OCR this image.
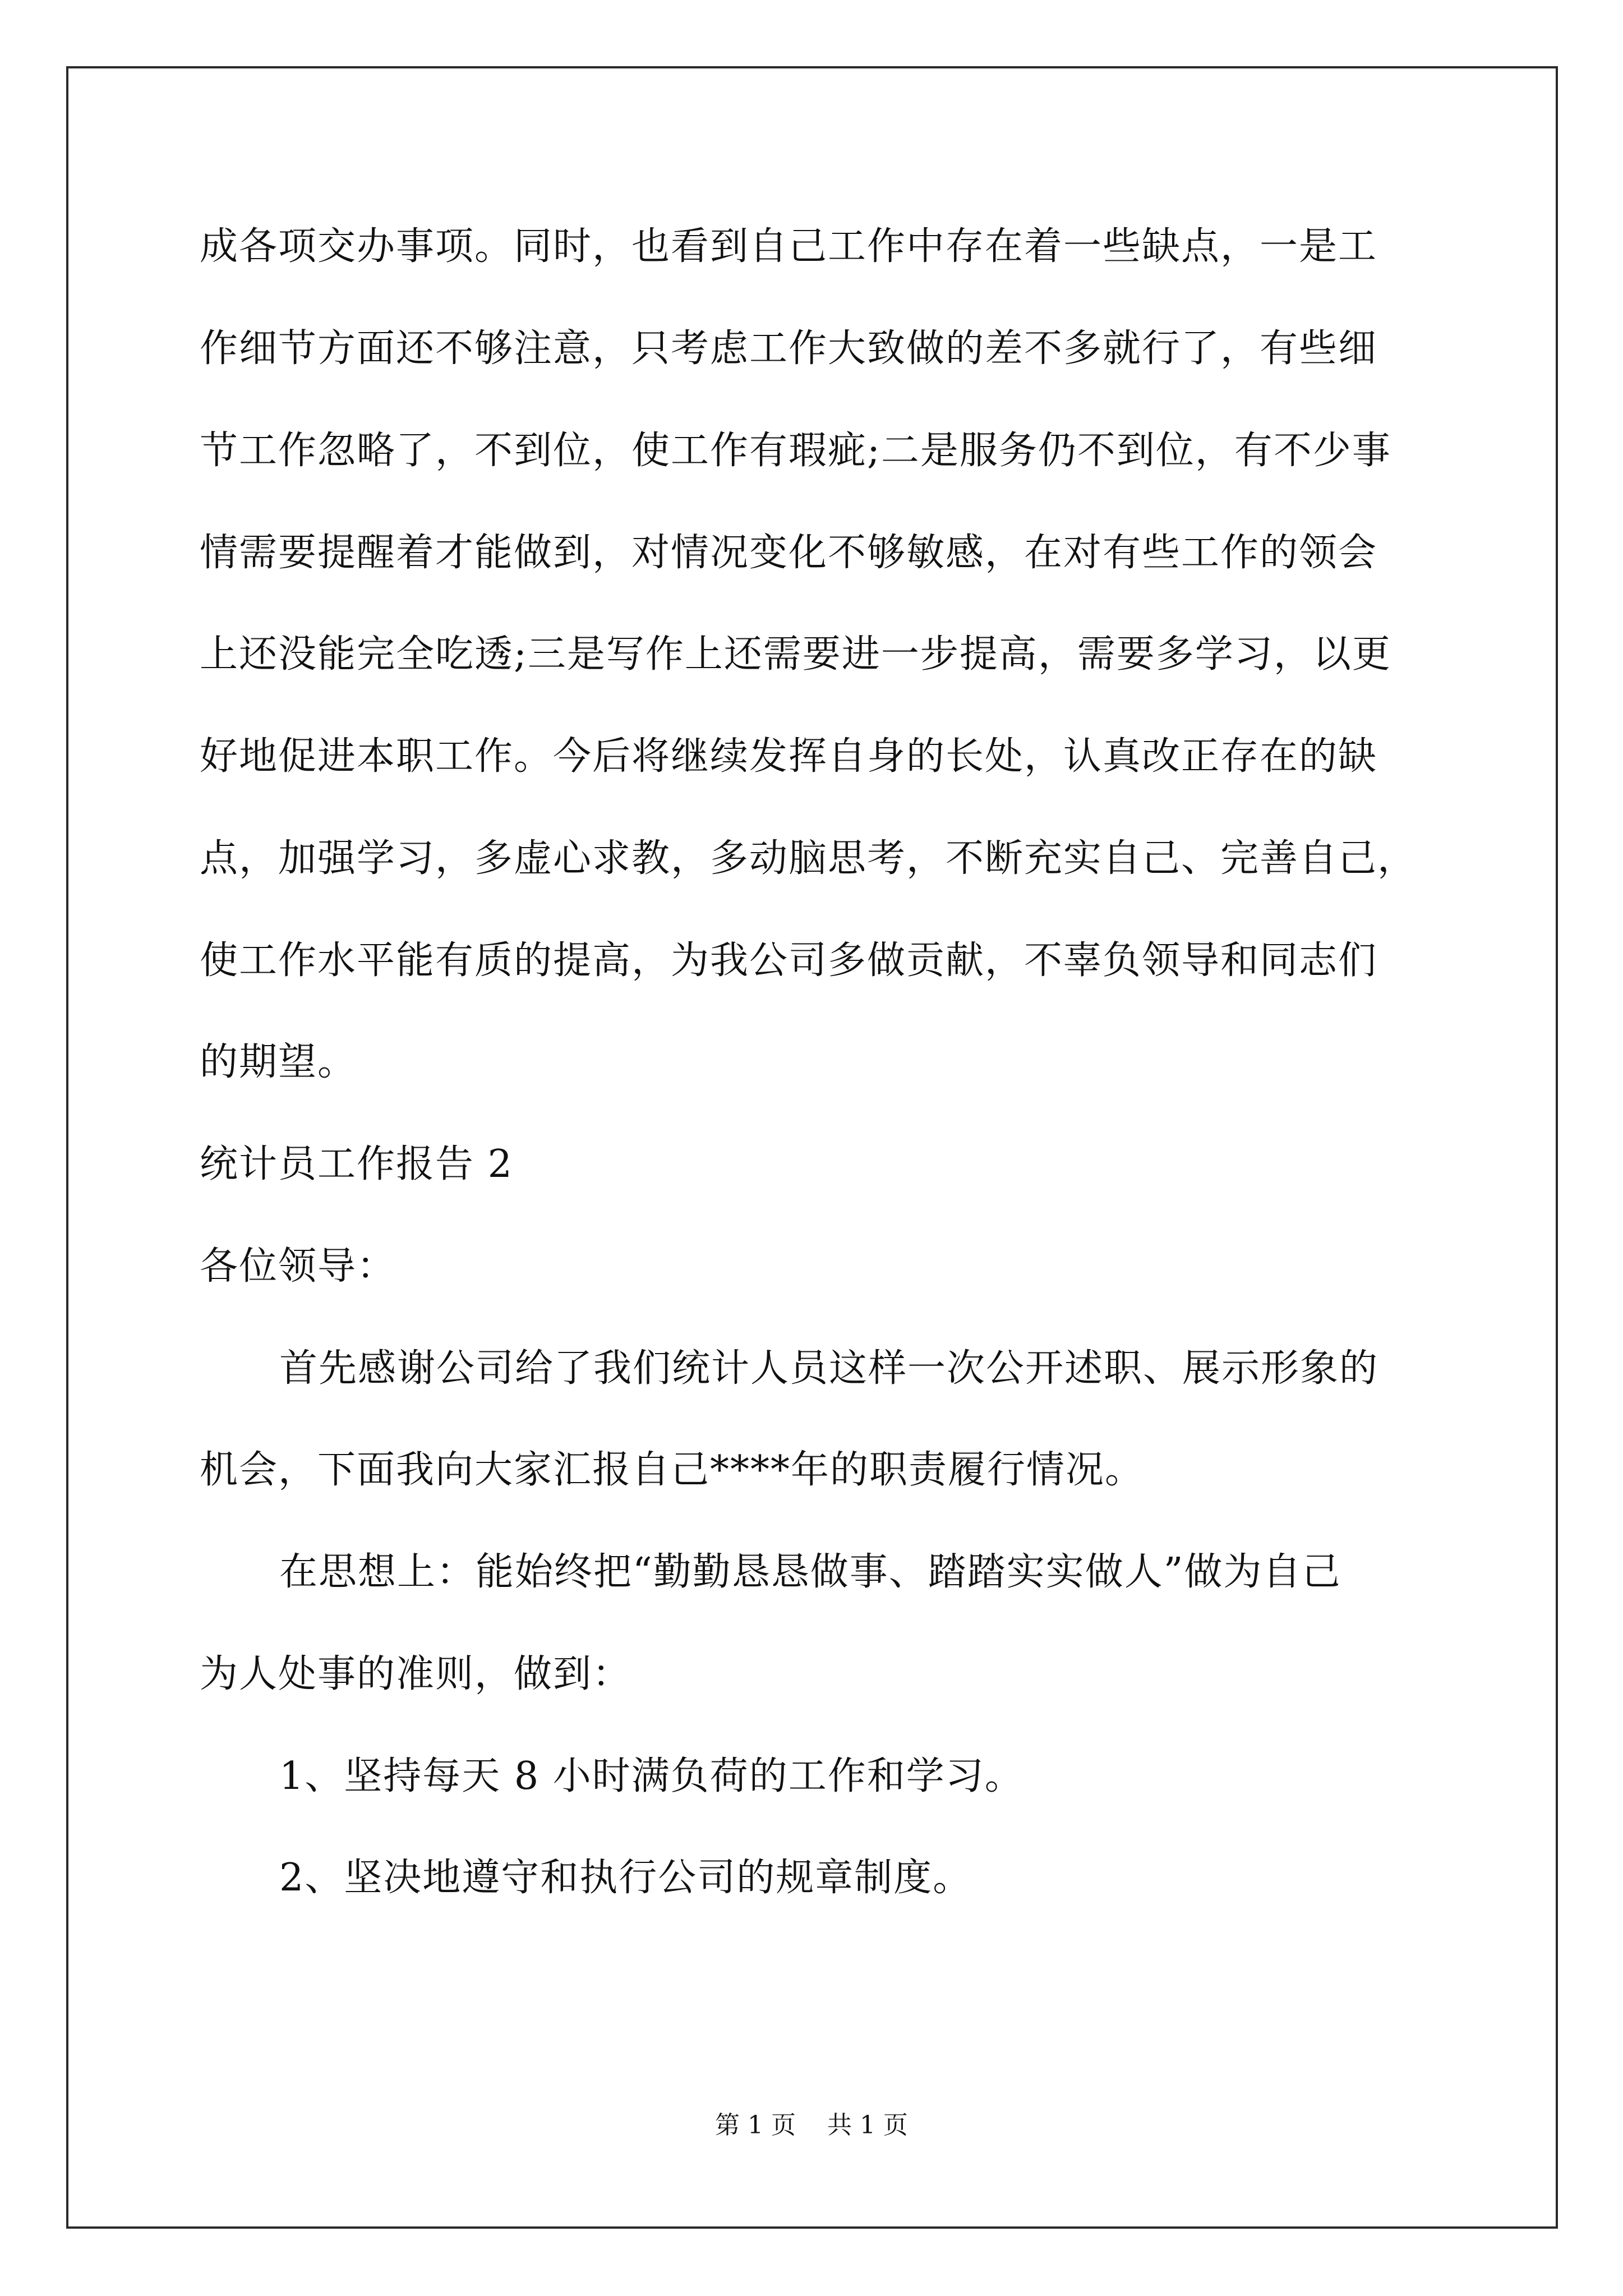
成各项交办事项。同时，也看到自己工作中存在着一些缺点，一是工
作细节方面还不够注意，只考虑工作大致做的差不多就行了，有些细
节工作忽略了，不到位，使工作有瑕疵;二是服务仍不到位，有不少事
情需要提醒着才能做到，对情况变化不够敏感，在对有些工作的领会
上还没能完全吃透;三是写作上还需要进一步提高，需要多学习，以更
好地促进本职工作。今后将继续发挥自身的长处，认真改正存在的缺
点，加强学习，多虚心求教，多动脑思考，不断充实自己、完善自己，
使工作水平能有质的提高，为我公司多做贡献，不辜负领导和同志们
的期望。
统计员工作报告 2
各位领导：
首先感谢公司给了我们统计人员这样一次公开述职、展示形象的
机会，下面我向大家汇报自己****年的职责履行情况。
在思想上：能始终把“勤勤恳恳做事、踏踏实实做人”做为自己
为人处事的准则，做到：
1、坚持每天 8 小时满负荷的工作和学习。
2、坚决地遵守和执行公司的规章制度。
第 1 页    共 1 页
